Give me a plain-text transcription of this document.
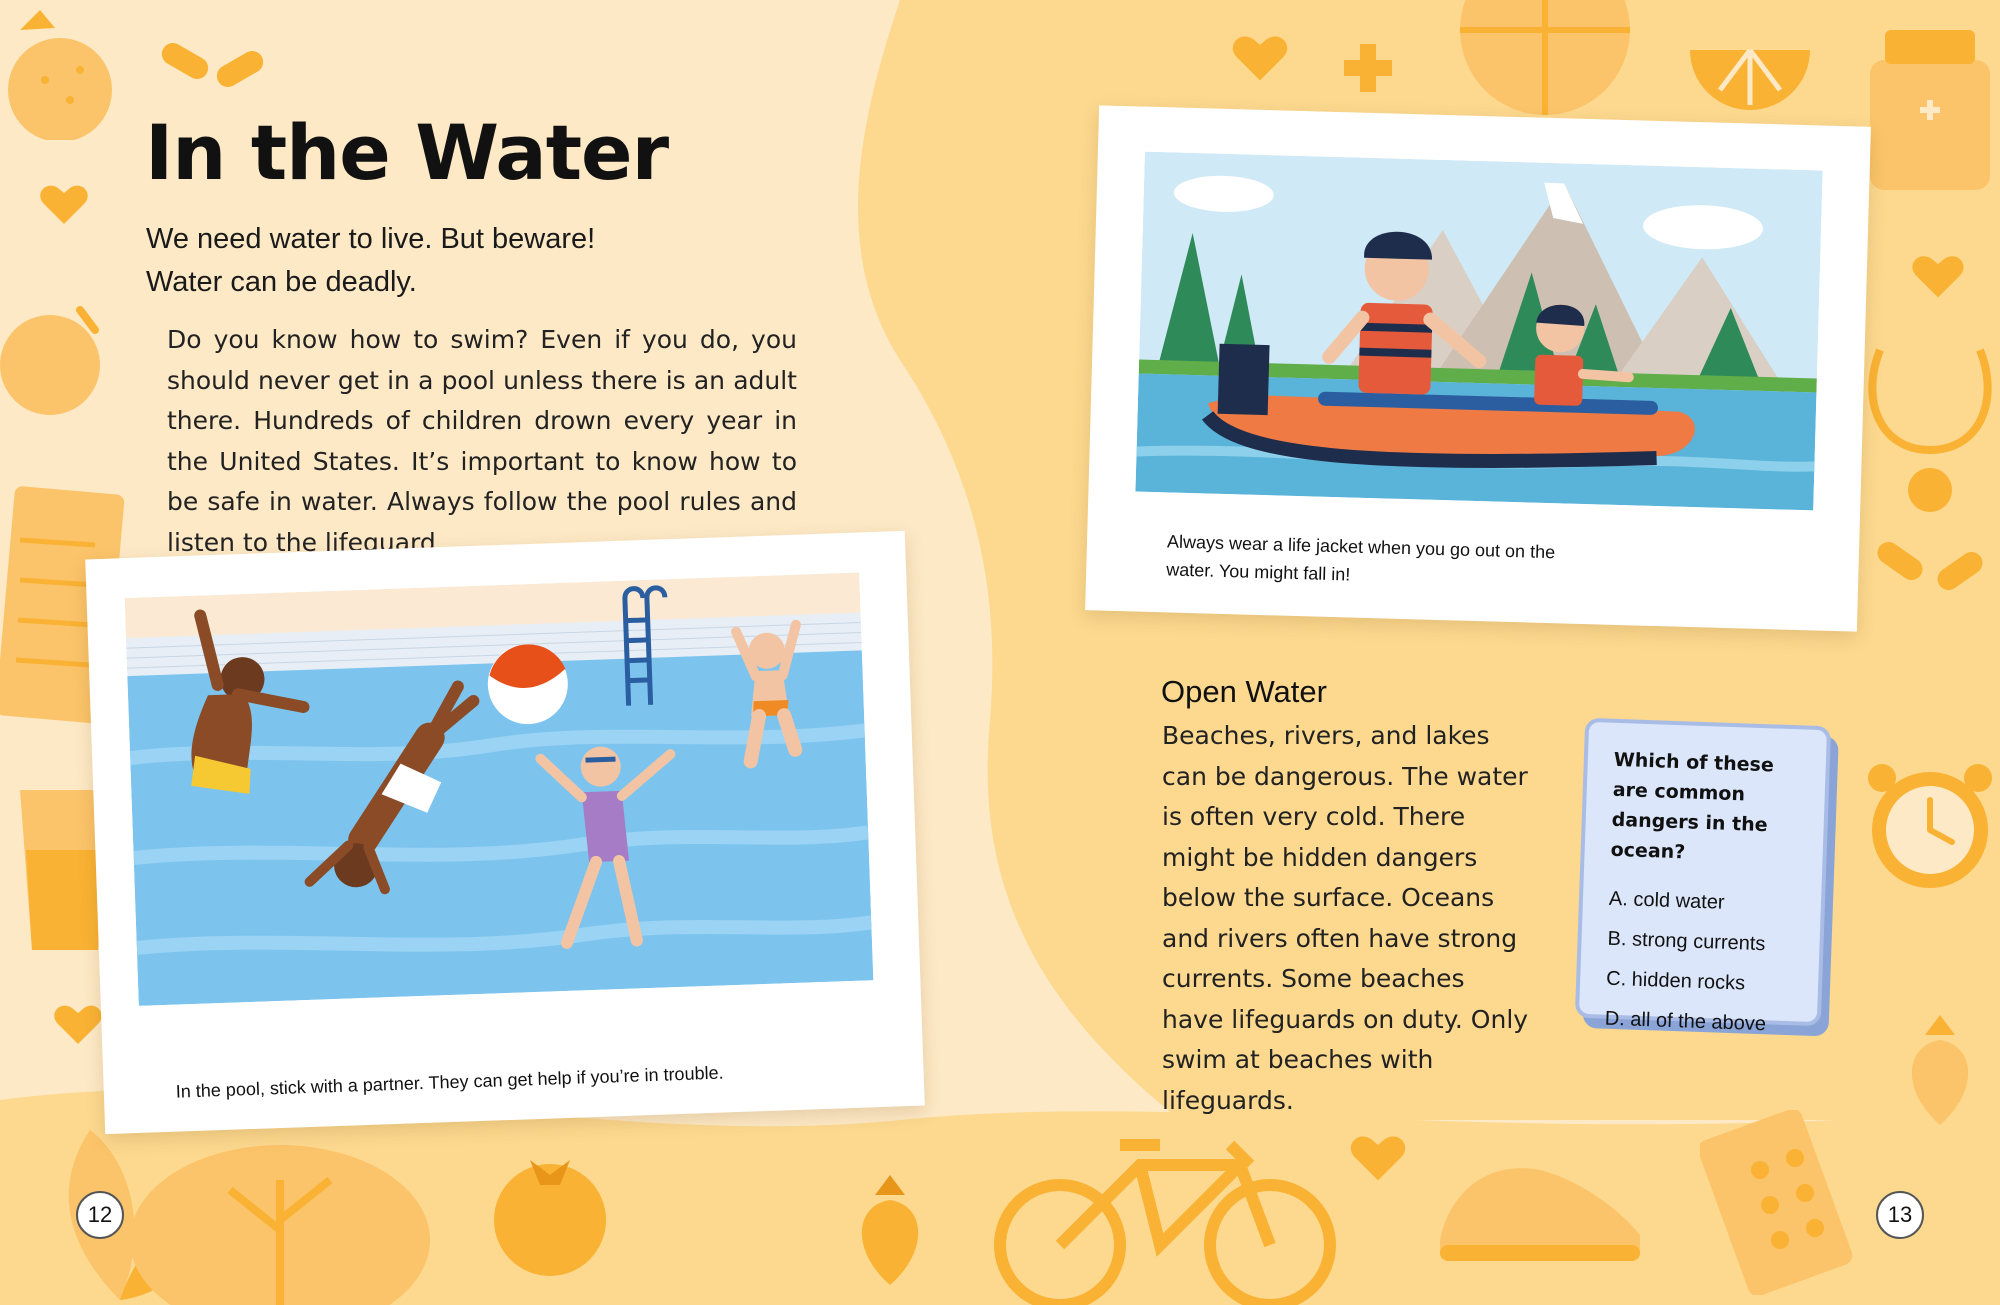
In the Water
We need water to live. But beware!
Water can be deadly.
Do you know how to swim? Even if you do, you should never get in a pool unless there is an adult there. Hundreds of children drown every year in the United States. It’s important to know how to be safe in water. Always follow the pool rules and listen to the lifeguard.
In the pool, stick with a partner. They can get help if you’re in trouble.
Always wear a life jacket when you go out on the water. You might fall in!
Open Water
Beaches, rivers, and lakes can be dangerous. The water is often very cold. There might be hidden dangers below the surface. Oceans and rivers often have strong currents. Some beaches have lifeguards on duty. Only swim at beaches with lifeguards.
Which of these are common dangers in the ocean?
A. cold water
B. strong currents
C. hidden rocks
D. all of the above
12	13
